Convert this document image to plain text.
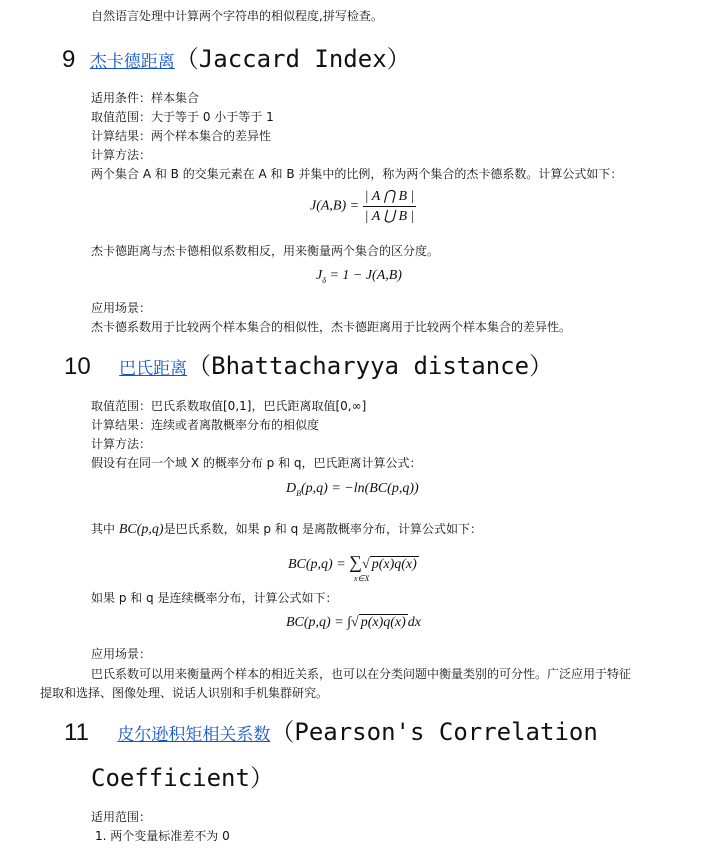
自然语言处理中计算两个字符串的相似程度,拼写检查。
9 杰卡德距离（Jaccard Index）
适用条件：样本集合
取值范围：大于等于 0 小于等于 1
计算结果：两个样本集合的差异性
计算方法：
两个集合 A 和 B 的交集元素在 A 和 B 并集中的比例，称为两个集合的杰卡德系数。计算公式如下：
$J(A,B) = \frac{| A ⋂ B |}{| A ⋃ B |}$
杰卡德距离与杰卡德相似系数相反，用来衡量两个集合的区分度。
$J_\delta = 1 - J(A,B)$
应用场景：
杰卡德系数用于比较两个样本集合的相似性，杰卡德距离用于比较两个样本集合的差异性。
10 巴氏距离（Bhattacharyya distance）
取值范围：巴氏系数取值[0,1]，巴氏距离取值[0,∞]
计算结果：连续或者离散概率分布的相似度
计算方法：
假设有在同一个域 X 的概率分布 p 和 q，巴氏距离计算公式：
$D_B(p,q) = -\ln(BC(p,q))$
其中 BC(p,q)是巴氏系数，如果 p 和 q 是离散概率分布，计算公式如下：
BC(p,q) = ∑√ p(x)q(x)
x∈X
如果 p 和 q 是连续概率分布，计算公式如下：
BC(p,q) = ∫√ p(x)q(x) dx
应用场景：
巴氏系数可以用来衡量两个样本的相近关系，也可以在分类问题中衡量类别的可分性。广泛应用于特征
提取和选择、图像处理、说话人识别和手机集群研究。
11 皮尔逊积矩相关系数（Pearson's Correlation
Coefficient）
适用范围：
1. 两个变量标准差不为 0
